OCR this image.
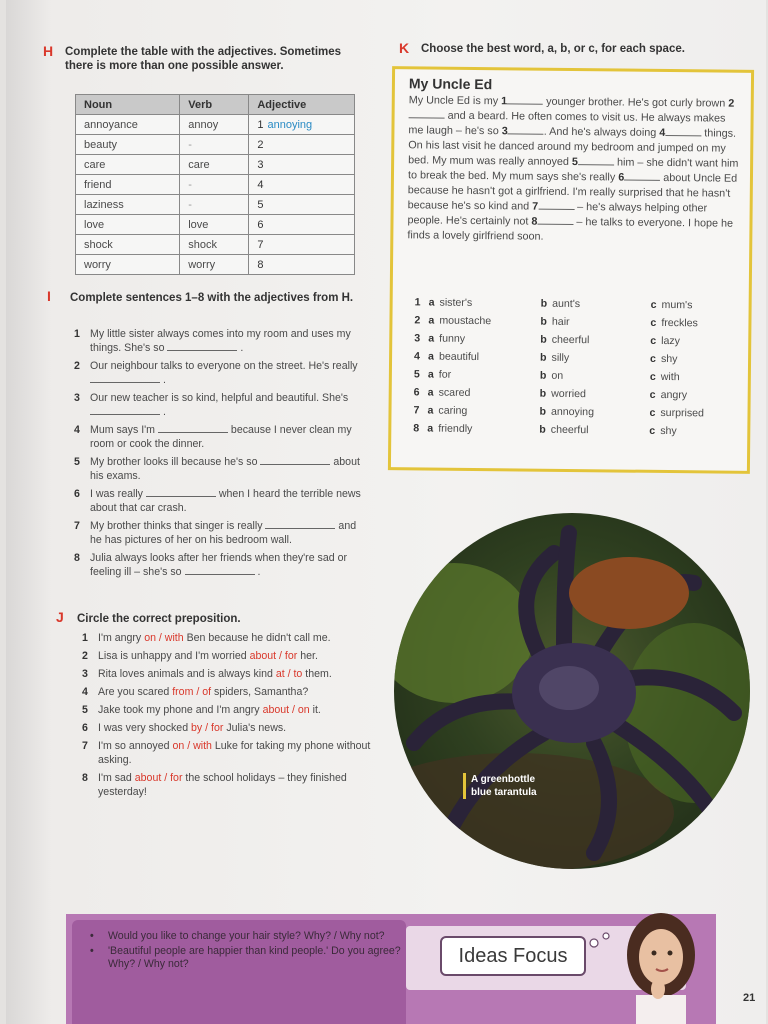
H Complete the table with the adjectives. Sometimes there is more than one possible answer.
Noun	Verb	Adjective
annoyance	annoy	1 annoying
beauty	-	2
care	care	3
friend	-	4
laziness	-	5
love	love	6
shock	shock	7
worry	worry	8
I Complete sentences 1–8 with the adjectives from H.
1 My little sister always comes into my room and uses my things. She's so	.
2 Our neighbour talks to everyone on the street. He's really  .
3 Our new teacher is so kind, helpful and beautiful. She's  .
4 Mum says I'm	because I never clean my room or cook the dinner.
5 My brother looks ill because he's so	about his exams.
6 I was really	when I heard the terrible news about that car crash.
7 My brother thinks that singer is really	and he has pictures of her on his bedroom wall.
8 Julia always looks after her friends when they're sad or feeling ill – she's so	.
J Circle the correct preposition.
1 I'm angry on / with Ben because he didn't call me.
2 Lisa is unhappy and I'm worried about / for her.
3 Rita loves animals and is always kind at / to them.
4 Are you scared from / of spiders, Samantha?
5 Jake took my phone and I'm angry about / on it.
6 I was very shocked by / for Julia's news.
7 I'm so annoyed on / with Luke for taking my phone without asking.
8 I'm sad about / for the school holidays – they finished yesterday!
K Choose the best word, a, b, or c, for each space.
My Uncle Ed
My Uncle Ed is my 1	younger brother. He's got curly brown 2 and a beard. He often comes to visit us. He always makes me laugh – he's so 3	. And he's always doing 4	things. On his last visit he danced around my bedroom and jumped on my bed. My mum was really annoyed 5	him – she didn't want him to break the bed. My mum says she's really 6	about Uncle Ed because he hasn't got a girlfriend. I'm really surprised that he hasn't because he's so kind and 7	– he's always helping other people. He's certainly not 8	– he talks to everyone. I hope he finds a lovely girlfriend soon.
1 a sister's	b aunt's	c mum's
2 a moustache	b hair	c freckles
3 a funny	b cheerful	c lazy
4 a beautiful	b silly	c shy
5 a for	b on	c with
6 a scared	b worried	c angry
7 a caring	b annoying	c surprised
8 a friendly	b cheerful	c shy
A greenbottle
blue tarantula
• Would you like to change your hair style? Why? / Why not?
• 'Beautiful people are happier than kind people.' Do you agree? Why? / Why not?	Ideas Focus
21
